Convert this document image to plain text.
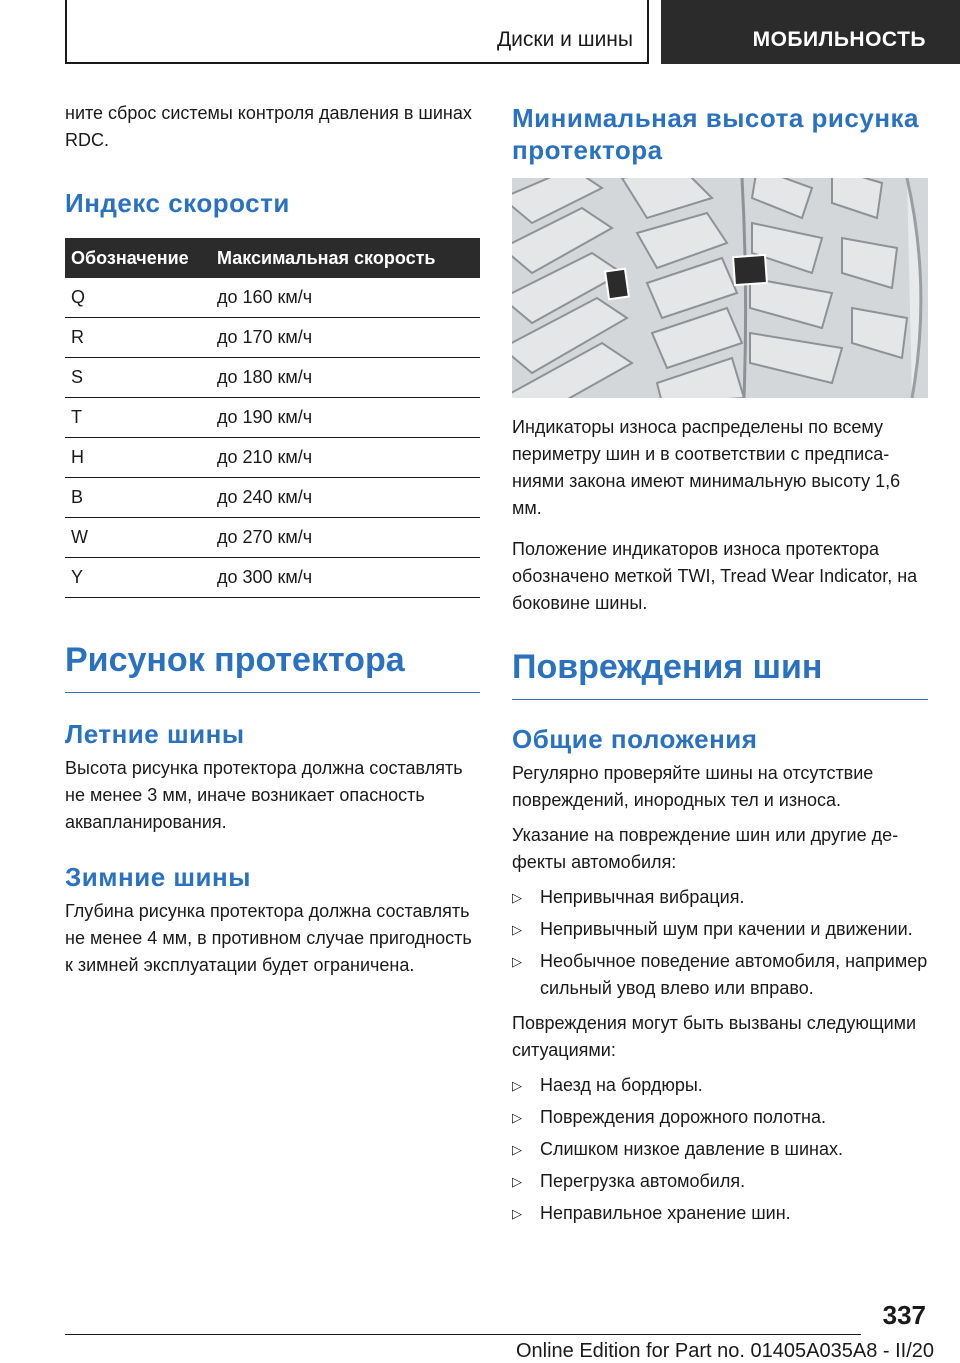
Диски и шины	МОБИЛЬНОСТЬ

ните сброс системы контроля давления в шинах RDC.

Индекс скорости
Обозначение	Максимальная скорость
Q	до 160 км/ч
R	до 170 км/ч
S	до 180 км/ч
T	до 190 км/ч
H	до 210 км/ч
B	до 240 км/ч
W	до 270 км/ч
Y	до 300 км/ч
Рисунок протектора
Летние шины

Высота рисунка протектора должна составлять не менее 3 мм, иначе возникает опасность аквапланирования.

Зимние шины

Глубина рисунка протектора должна составлять не менее 4 мм, в противном случае пригодность к зимней эксплуатации будет ограничена.

Минимальная высота рисунка протектора

Индикаторы износа распределены по всему периметру шин и в соответствии с предписаниями закона имеют минимальную высоту 1,6 мм.

Положение индикаторов износа протектора обозначено меткой TWI, Tread Wear Indicator, на боковине шины.

Повреждения шин
Общие положения

Регулярно проверяйте шины на отсутствие повреждений, инородных тел и износа.

Указание на повреждение шин или другие дефекты автомобиля:

▷	Непривычная вибрация.
▷	Непривычный шум при качении и движении.
▷	Необычное поведение автомобиля, например сильный увод влево или вправо.

Повреждения могут быть вызваны следующими ситуациями:

▷	Наезд на бордюры.
▷	Повреждения дорожного полотна.
▷	Слишком низкое давление в шинах.
▷	Перегрузка автомобиля.
▷	Неправильное хранение шин.
337
Online Edition for Part no. 01405A035A8 - II/20
